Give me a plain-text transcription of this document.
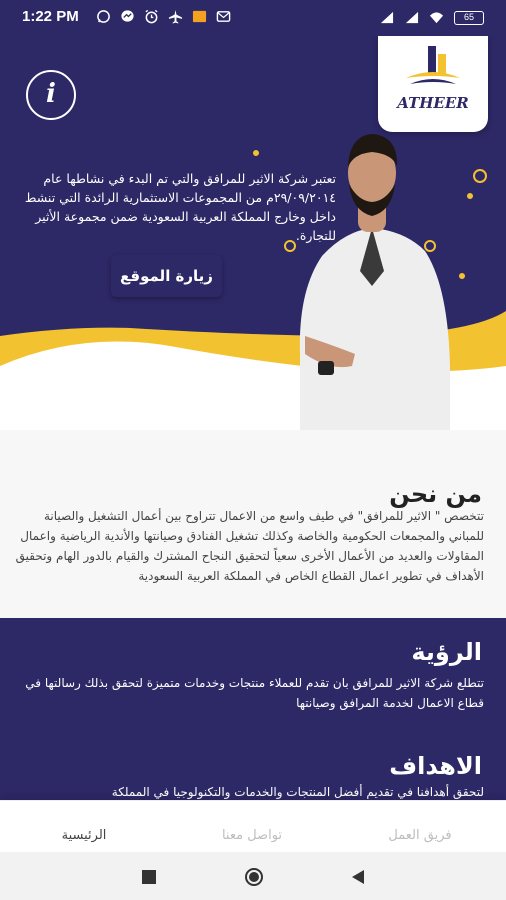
1:22 PM	65
i	ATHEER

تعتبر شركة الاثير للمرافق والتي تم البدء في نشاطها عام ٢٩/٠٩/٢٠١٤م من المجموعات الاستثمارية الرائدة التي تنشط داخل وخارج المملكة العربية السعودية ضمن مجموعة الأثير للتجارة.

زيارة الموقع
من نحن

تتخصص " الاثير للمرافق" في طيف واسع من الاعمال تتراوح بين أعمال التشغيل والصيانة للمباني والمجمعات الحكومية والخاصة وكذلك تشغيل الفنادق وصيانتها والأندية الرياضية واعمال المقاولات والعديد من الأعمال الأخرى سعياً لتحقيق النجاح المشترك والقيام بالدور الهام وتحقيق الأهداف في تطوير اعمال القطاع الخاص في المملكة العربية السعودية

الرؤية

تتطلع شركة الاثير للمرافق بان تقدم للعملاء منتجات وخدمات متميزة لتحقق بذلك رسالتها في قطاع الاعمال لخدمة المرافق وصيانتها

الاهداف

لتحقق أهدافنا في تقديم أفضل المنتجات والخدمات والتكنولوجيا في المملكة

الرئيسية	تواصل معنا	فريق العمل
